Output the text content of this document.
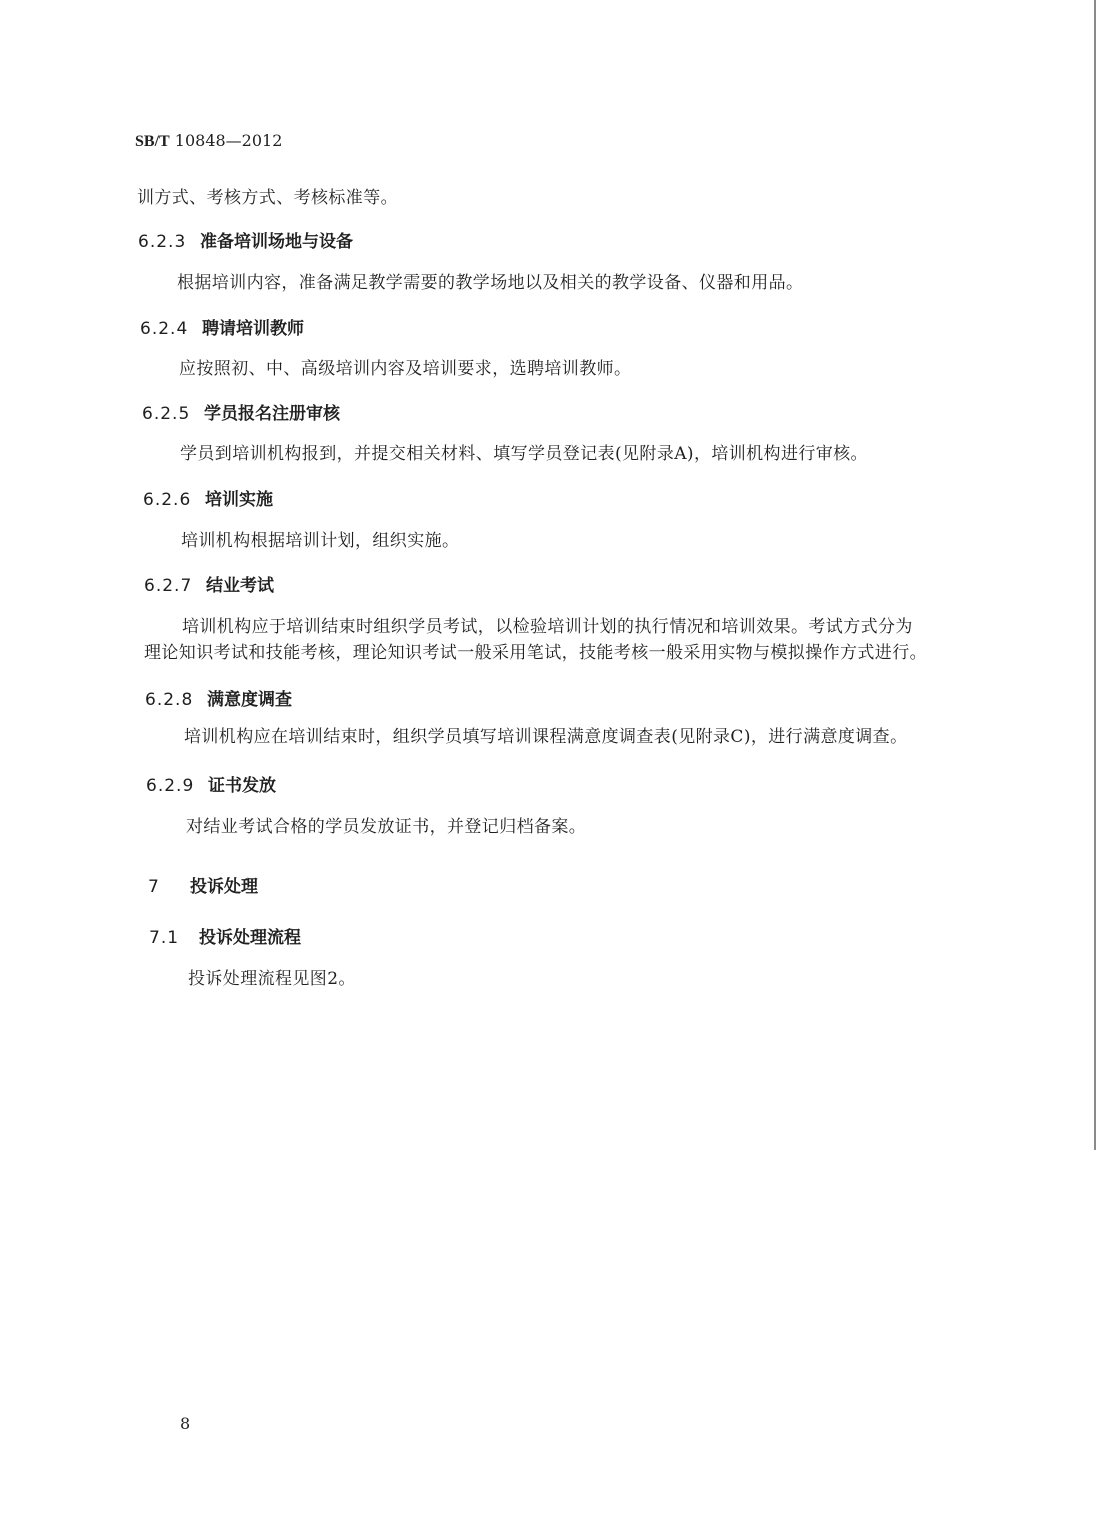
SB/T 10848—2012
训方式、考核方式、考核标准等。
6.2.3 准备培训场地与设备
根据培训内容，准备满足教学需要的教学场地以及相关的教学设备、仪器和用品。
6.2.4 聘请培训教师
应按照初、中、高级培训内容及培训要求，选聘培训教师。
6.2.5 学员报名注册审核
学员到培训机构报到，并提交相关材料、填写学员登记表(见附录A)，培训机构进行审核。
6.2.6 培训实施
培训机构根据培训计划，组织实施。
6.2.7 结业考试
培训机构应于培训结束时组织学员考试，以检验培训计划的执行情况和培训效果。考试方式分为
理论知识考试和技能考核，理论知识考试一般采用笔试，技能考核一般采用实物与模拟操作方式进行。
6.2.8 满意度调查
培训机构应在培训结束时，组织学员填写培训课程满意度调查表(见附录C)，进行满意度调查。
6.2.9 证书发放
对结业考试合格的学员发放证书，并登记归档备案。
7 投诉处理
7.1 投诉处理流程
投诉处理流程见图2。
8
